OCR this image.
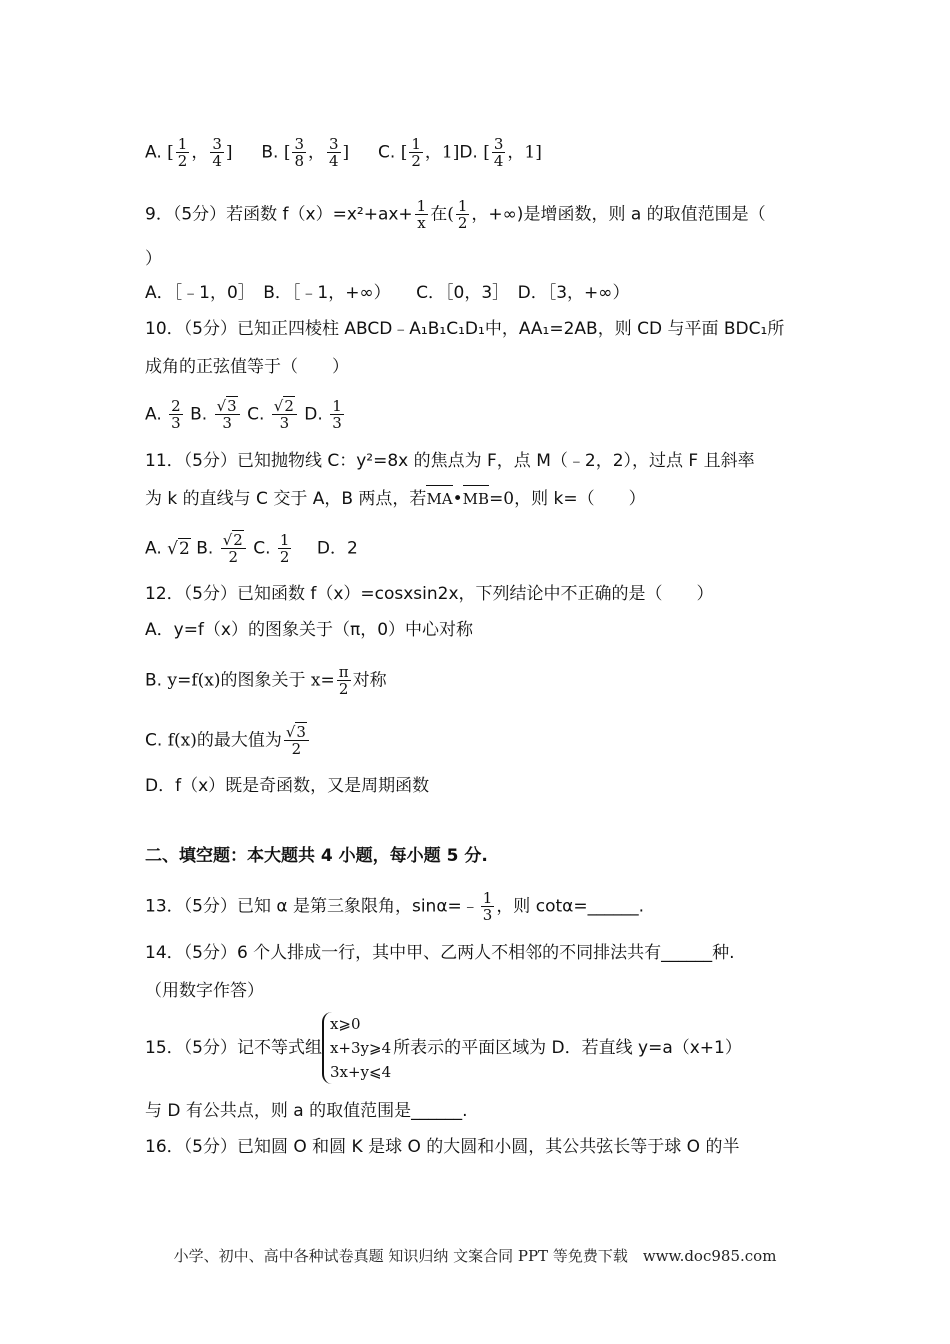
A. [ $\frac{1}{2}$ ， $\frac{3}{4}$ ] B. [ $\frac{3}{8}$ ， $\frac{3}{4}$ ] C. [ $\frac{1}{2}$ ，1]D. [ $\frac{3}{4}$ ，1]
9．（5分）若函数 $f(x)=x^2+ax+ \frac{1}{x}$ 在( $\frac{1}{2}$ ，+∞)是增函数，则 a 的取值范围是（
）
A．［﹣1，0］　B．［﹣1，+∞）　　C．［0，3］　D．［3，+∞）
10．（5分）已知正四棱柱 ABCD﹣A₁B₁C₁D₁中，AA₁=2AB，则 CD 与平面 BDC₁所
成角的正弦值等于（　　）
A. $\frac{2}{3} B$. $\frac{√3}{3} C$. $\frac{√2}{3} D$. $\frac{1}{3}$
11．（5分）已知抛物线 C：y²=8x 的焦点为 F，点 M（﹣2，2），过点 F 且斜率
为 k 的直线与 C 交于 A，B 两点，若MA•MB=0，则 k=（　　）
A. √2 B. $\frac{√2}{2} C$. $\frac{1}{2}$ D．2
12．（5分）已知函数 f（x）=cosxsin2x，下列结论中不正确的是（　　）
A．y=f（x）的图象关于（π，0）中心对称
B. y=f(x)的图象关于 $x= \frac{\pi}{2}$ 对称
C. f(x)的最大值为 $\frac{√3}{2}$
D．f（x）既是奇函数，又是周期函数
二、填空题：本大题共 4 小题，每小题 5 分.
13．（5分）已知 α 是第三象限角，sinα=﹣ $\frac{1}{3}$ ，则 cotα=______.
14．（5分）6 个人排成一行，其中甲、乙两人不相邻的不同排法共有______种.
（用数字作答）
15．（5分）记不等式组
x⩾0
x+3y⩾4
3x+y⩽4
所表示的平面区域为 D．若直线 y=a（x+1）
与 D 有公共点，则 a 的取值范围是______.
16．（5分）已知圆 O 和圆 K 是球 O 的大圆和小圆，其公共弦长等于球 O 的半
小学、初中、高中各种试卷真题 知识归纳 文案合同 PPT 等免费下载　www.doc985.com
